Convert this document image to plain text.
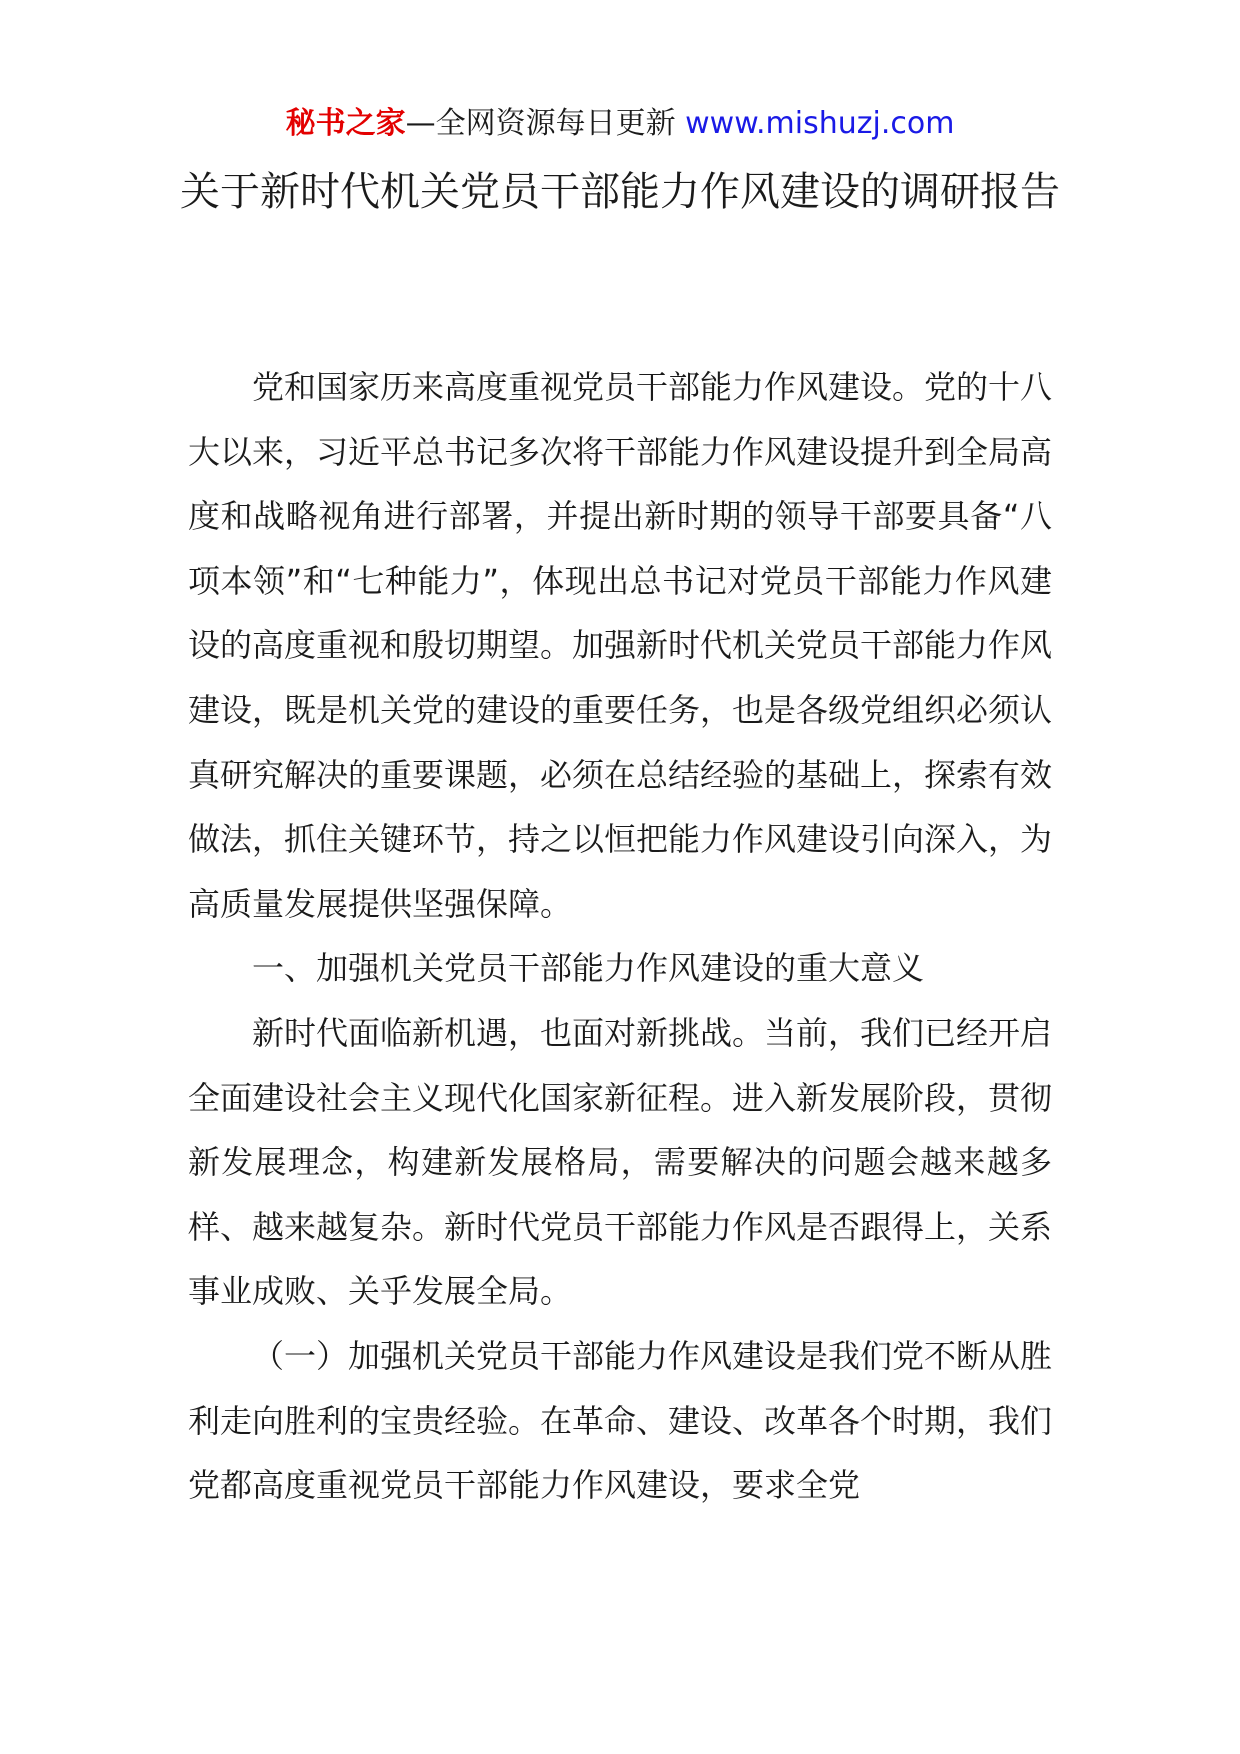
秘书之家—全网资源每日更新 www.mishuzj.com
关于新时代机关党员干部能力作风建设的调研报告

党和国家历来高度重视党员干部能力作风建设。党的十八大以来，习近平总书记多次将干部能力作风建设提升到全局高度和战略视角进行部署，并提出新时期的领导干部要具备“八项本领”和“七种能力”，体现出总书记对党员干部能力作风建设的高度重视和殷切期望。加强新时代机关党员干部能力作风建设，既是机关党的建设的重要任务，也是各级党组织必须认真研究解决的重要课题，必须在总结经验的基础上，探索有效做法，抓住关键环节，持之以恒把能力作风建设引向深入，为高质量发展提供坚强保障。

一、加强机关党员干部能力作风建设的重大意义

新时代面临新机遇，也面对新挑战。当前，我们已经开启全面建设社会主义现代化国家新征程。进入新发展阶段，贯彻新发展理念，构建新发展格局，需要解决的问题会越来越多样、越来越复杂。新时代党员干部能力作风是否跟得上，关系事业成败、关乎发展全局。

（一）加强机关党员干部能力作风建设是我们党不断从胜利走向胜利的宝贵经验。在革命、建设、改革各个时期，我们党都高度重视党员干部能力作风建设，要求全党
